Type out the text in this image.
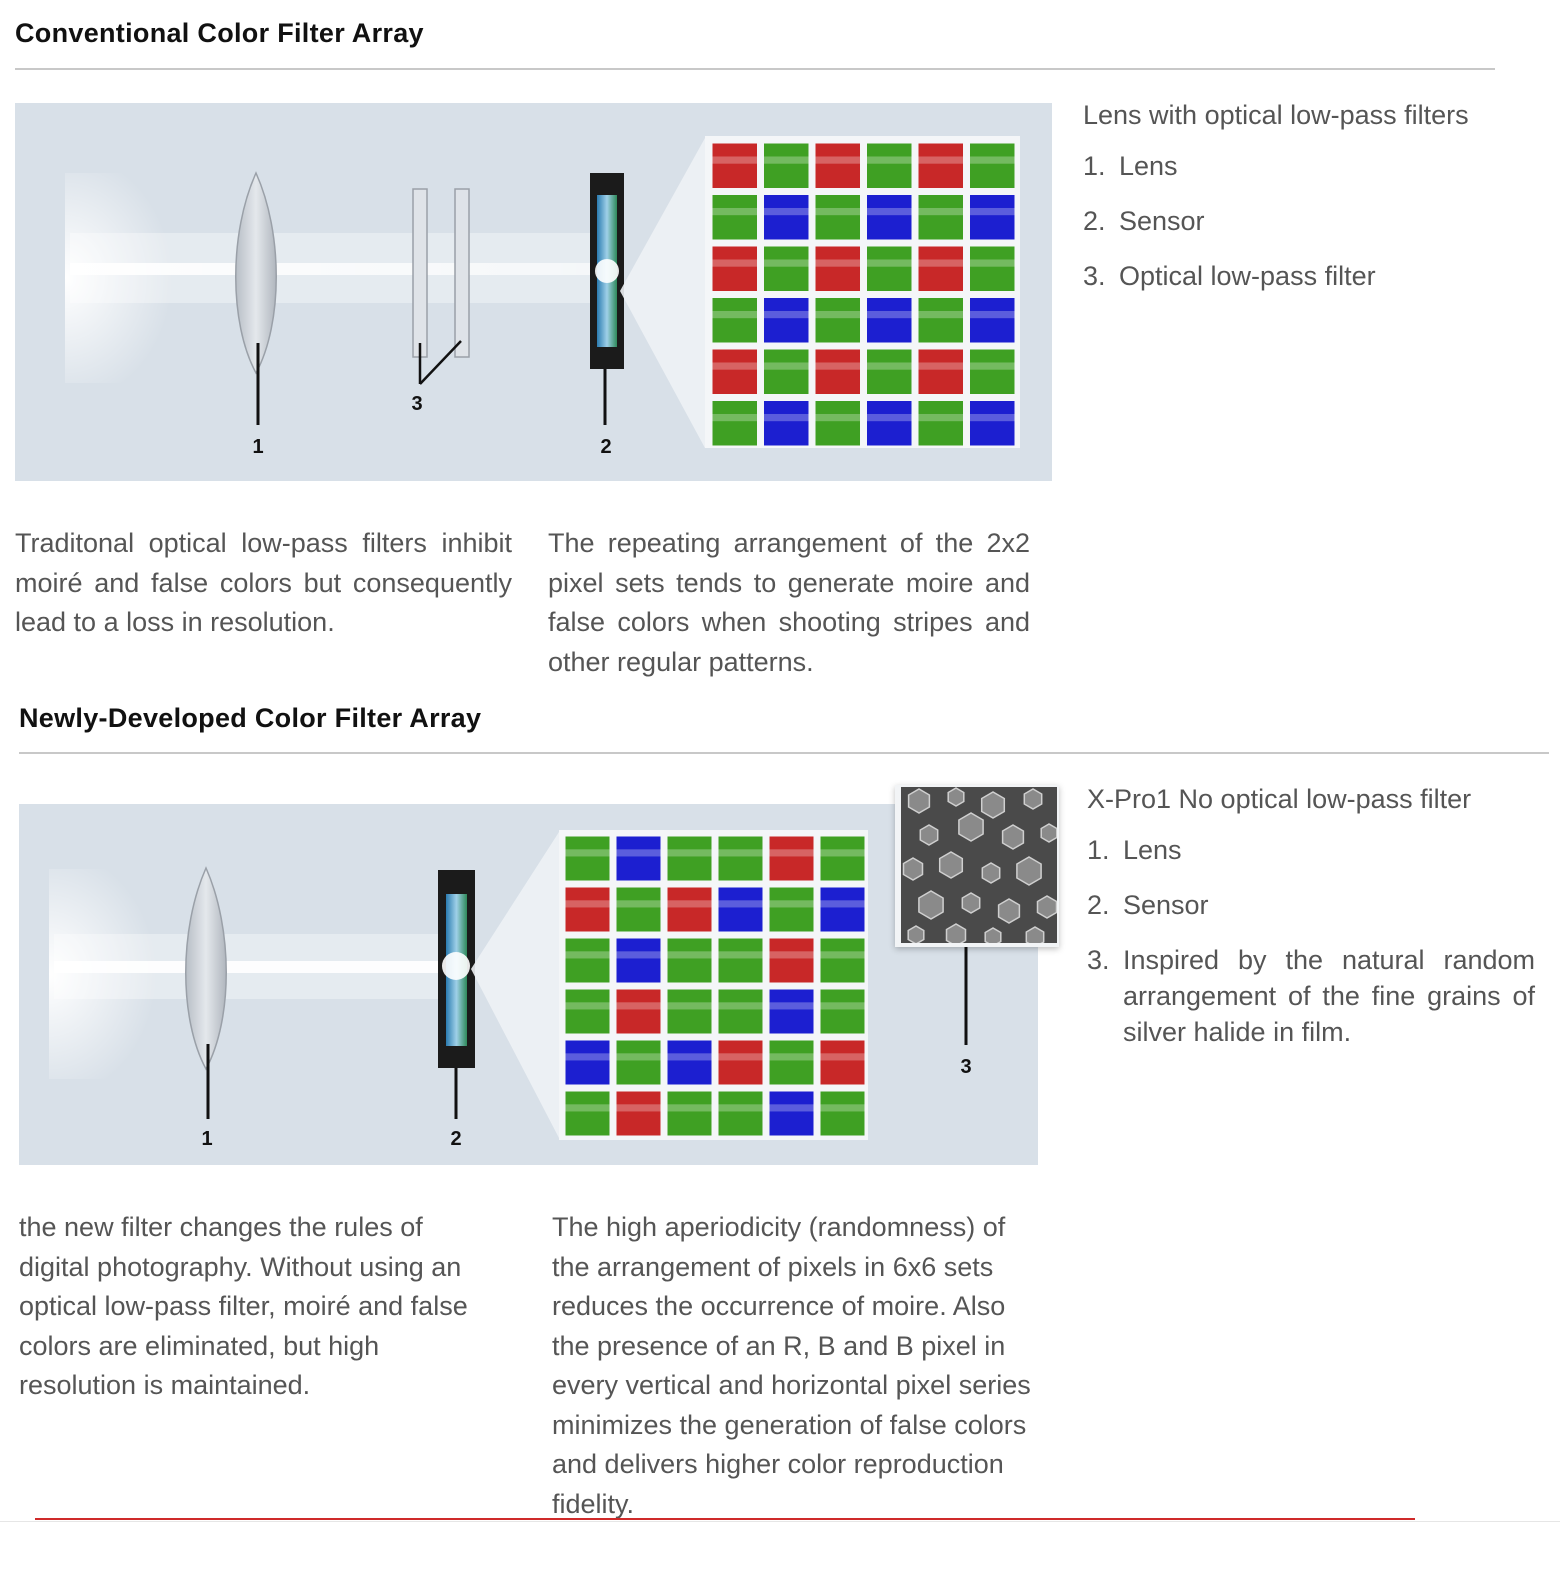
Conventional Color Filter Array
1
3
2
Lens with optical low-pass filters
1. Lens
2. Sensor
3. Optical low-pass filter

Traditonal optical low-pass filters inhibit moiré and false colors but consequently lead to a loss in resolution.

The repeating arrangement of the 2x2 pixel sets tends to generate moire and false colors when shooting stripes and other regular patterns.

Newly-Developed Color Filter Array
1	2
3
X-Pro1 No optical low-pass filter
1. Lens
2. Sensor
3. Inspired by the natural random arrangement of the fine grains of silver halide in film.

the new filter changes the rules of digital photography. Without using an optical low-pass filter, moiré and false colors are eliminated, but high resolution is maintained.

The high aperiodicity (randomness) of the arrangement of pixels in 6x6 sets reduces the occurrence of moire. Also the presence of an R, B and B pixel in every vertical and horizontal pixel series minimizes the generation of false colors and delivers higher color reproduction fidelity.
